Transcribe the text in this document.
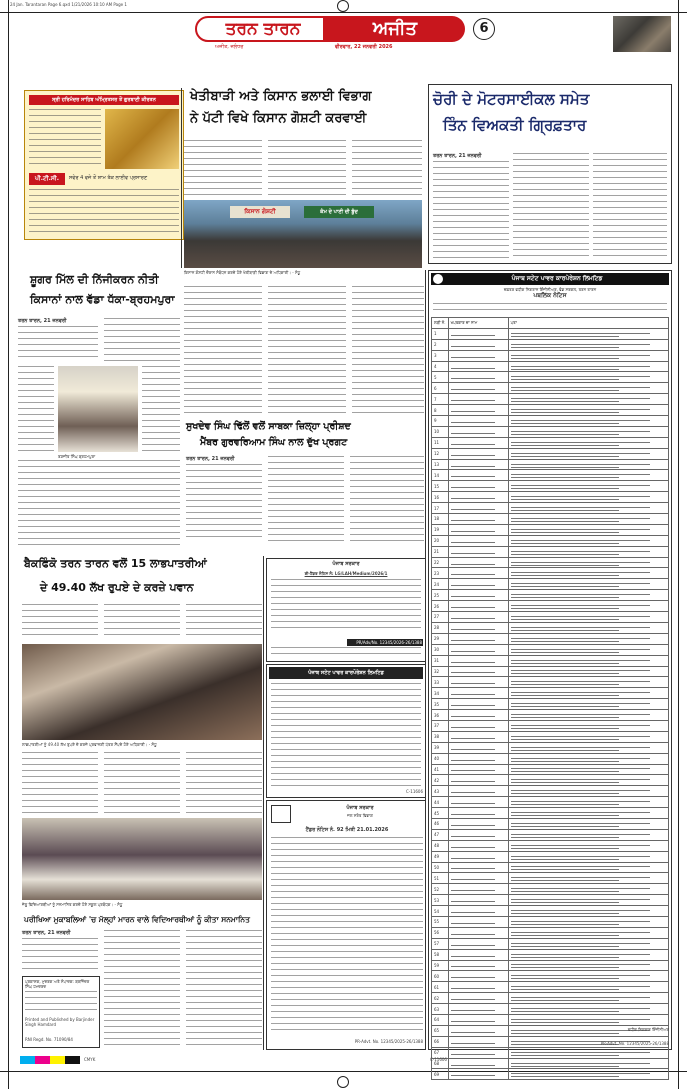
24 Jan. Tarantaran Page 6.qxd 1/21/2026 10:10 AM Page 1
ਤਰਨ ਤਾਰਨ	ਅਜੀਤ
ਅਜੀਤ, ਜਲੰਧਰ	ਵੀਰਵਾਰ, 22 ਜਨਵਰੀ 2026
6
ਸ੍ਰੀ ਹਰਿਮੰਦਰ ਸਾਹਿਬ ਅੰਮ੍ਰਿਤਸਰ ਤੋਂ ਗੁਰਬਾਣੀ ਕੀਰਤਨ
ਪੀ.ਟੀ.ਸੀ.	ਸਵੇਰ 4 ਵਜੇ ਤੋਂ ਸ਼ਾਮ ਤੱਕ ਲਾਈਵ ਪ੍ਰਸਾਰਣ
ਖੇਤੀਬਾੜੀ ਅਤੇ ਕਿਸਾਨ ਭਲਾਈ ਵਿਭਾਗ
ਨੇ ਪੱਟੀ ਵਿਖੇ ਕਿਸਾਨ ਗੋਸ਼ਟੀ ਕਰਵਾਈ
ਕਿਸਾਨ ਗੋਸ਼ਟੀ	ਕੰਮ ਦੇ ਪਾਣੀ ਦੀ ਬੂੰਦ
ਕਿਸਾਨ ਗੋਸ਼ਟੀ ਦੌਰਾਨ ਸੰਬੋਧਨ ਕਰਦੇ ਹੋਏ ਖੇਤੀਬਾੜੀ ਵਿਭਾਗ ਦੇ ਅਧਿਕਾਰੀ। - ਸੰਧੂ
ਚੋਰੀ ਦੇ ਮੋਟਰਸਾਈਕਲ ਸਮੇਤ
ਤਿੰਨ ਵਿਅਕਤੀ ਗ੍ਰਿਫ਼ਤਾਰ
ਤਰਨ ਤਾਰਨ, 21 ਜਨਵਰੀ
ਸ਼ੂਗਰ ਮਿੱਲ ਦੀ ਨਿੱਜੀਕਰਨ ਨੀਤੀ
ਕਿਸਾਨਾਂ ਨਾਲ ਵੱਡਾ ਧੱਕਾ-ਬ੍ਰਹਮਪੁਰਾ
ਤਰਨ ਤਾਰਨ, 21 ਜਨਵਰੀ
ਰਣਜੀਤ ਸਿੰਘ ਬ੍ਰਹਮਪੁਰਾ
ਸੁਖਦੇਵ ਸਿੰਘ ਢਿੱਲੋਂ ਵਲੋਂ ਸਾਬਕਾ ਜ਼ਿਲ੍ਹਾ ਪ੍ਰੀਸ਼ਦ
ਮੈਂਬਰ ਗੁਰਵਰਿਆਮ ਸਿੰਘ ਨਾਲ ਦੁੱਖ ਪ੍ਰਗਟ
ਤਰਨ ਤਾਰਨ, 21 ਜਨਵਰੀ
ਬੈਕਫਿੰਕੋ ਤਰਨ ਤਾਰਨ ਵਲੋਂ 15 ਲਾਭਪਾਤਰੀਆਂ
ਦੇ 49.40 ਲੱਖ ਰੁਪਏ ਦੇ ਕਰਜ਼ੇ ਪਵਾਨ
ਲਾਭਪਾਤਰੀਆਂ ਨੂੰ 49.40 ਲੱਖ ਰੁਪਏ ਦੇ ਕਰਜ਼ੇ ਪ੍ਰਵਾਨਗੀ ਪੱਤਰ ਸੌਂਪਦੇ ਹੋਏ ਅਧਿਕਾਰੀ। - ਸੰਧੂ
ਜੇਤੂ ਵਿਦਿਆਰਥੀਆਂ ਨੂੰ ਸਨਮਾਨਿਤ ਕਰਦੇ ਹੋਏ ਸਕੂਲ ਪ੍ਰਬੰਧਕ। - ਸੰਧੂ
ਪਰੀਖਿਆ ਮੁਕਾਬਲਿਆਂ 'ਚ ਮੱਲ੍ਹਾਂ ਮਾਰਨ ਵਾਲੇ ਵਿਦਿਆਰਥੀਆਂ ਨੂੰ ਕੀਤਾ ਸਨਮਾਨਿਤ
ਤਰਨ ਤਾਰਨ, 21 ਜਨਵਰੀ
ਪ੍ਰਕਾਸ਼ਕ, ਮੁਦਰਕ ਅਤੇ ਸੰਪਾਦਕ: ਬਰਜਿੰਦਰ ਸਿੰਘ ਹਮਦਰਦ
Printed and Published by Barjinder Singh Hamdard
RNI Regd. No. 71090/84
ਪੰਜਾਬ ਸਰਕਾਰ
ਈ-ਟੈਂਡਰ ਨੋਟਿਸ ਨੰ: LG/LAH/Medium/2026/1
PR/Adv/No. 12345/2026-26/1388
ਪੰਜਾਬ ਸਟੇਟ ਪਾਵਰ ਕਾਰਪੋਰੇਸ਼ਨ ਲਿਮਟਿਡ
C-11606
ਪੰਜਾਬ ਸਰਕਾਰ
ਜਲ ਸਰੋਤ ਵਿਭਾਗ
ਟੈਂਡਰ ਨੋਟਿਸ ਨੰ. 92 ਮਿਤੀ 21.01.2026
PR-Advt. No. 12345/2025-26/1388
ਪੰਜਾਬ ਸਟੇਟ ਪਾਵਰ ਕਾਰਪੋਰੇਸ਼ਨ ਲਿਮਟਿਡ
ਦਫ਼ਤਰ ਵਧੀਕ ਨਿਗਰਾਨ ਇੰਜੀਨੀਅਰ, ਵੰਡ ਸਰਕਲ, ਤਰਨ ਤਾਰਨ
ਪਬਲਿਕ ਨੋਟਿਸ
ਲੜੀ ਨੰ.	ਖਪਤਕਾਰ ਦਾ ਨਾਮ	ਪਤਾ
1	

2	

3	

4	

5	

6	

7	

8	

9	

10	

11	

12	

13	

14	

15	

16	

17	

18	

19	

20	

21	

22	

23	

24	

25	

26	

27	

28	

29	

30	

31	

32	

33	

34	

35	

36	

37	

38	

39	

40	

41	

42	

43	

44	

45	

46	

47	

48	

49	

50	

51	

52	

53	

54	

55	

56	

57	

58	

59	

60	

61	

62	

63	

64	

65	

66	

67	

68	

69	

ਵਧੀਕ ਨਿਗਰਾਨ ਇੰਜੀਨੀਅਰ
PR-Advt. No. 12345/2025-26/1388
CMYK	C-11606
